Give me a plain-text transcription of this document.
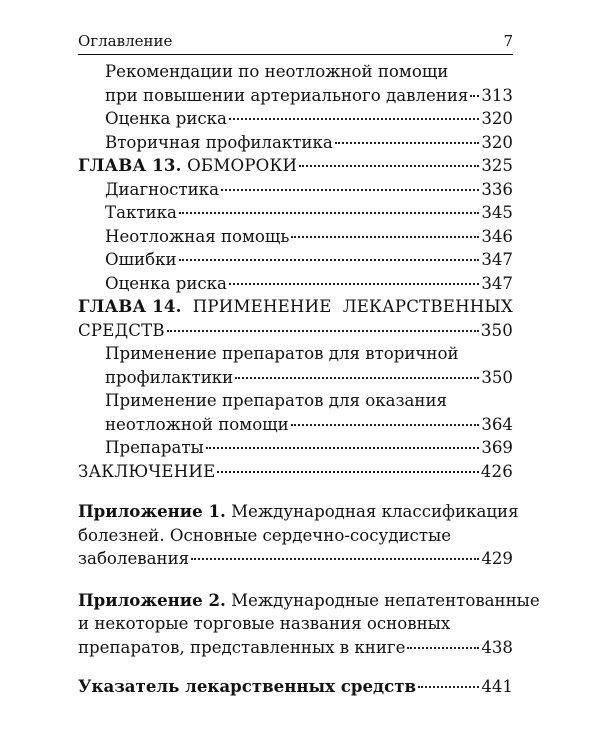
Оглавление	7
Рекомендации по неотложной помощи
при повышении артериального давления 313
Оценка риска	320
Вторичная профилактика	320
ГЛАВА 13. ОБМОРОКИ	325
Диагностика	336
Тактика	345
Неотложная помощь	346
Ошибки	347
Оценка риска	347
ГЛАВА 14. ПРИМЕНЕНИЕ ЛЕКАРСТВЕННЫХ
СРЕДСТВ	350
Применение препаратов для вторичной
профилактики	350
Применение препаратов для оказания
неотложной помощи	364
Препараты	369
ЗАКЛЮЧЕНИЕ	426
Приложение 1. Международная классификация
болезней. Основные сердечно-сосудистые
заболевания	429
Приложение 2. Международные непатентованные
и некоторые торговые названия основных
препаратов, представленных в книге	438
Указатель лекарственных средств	441
